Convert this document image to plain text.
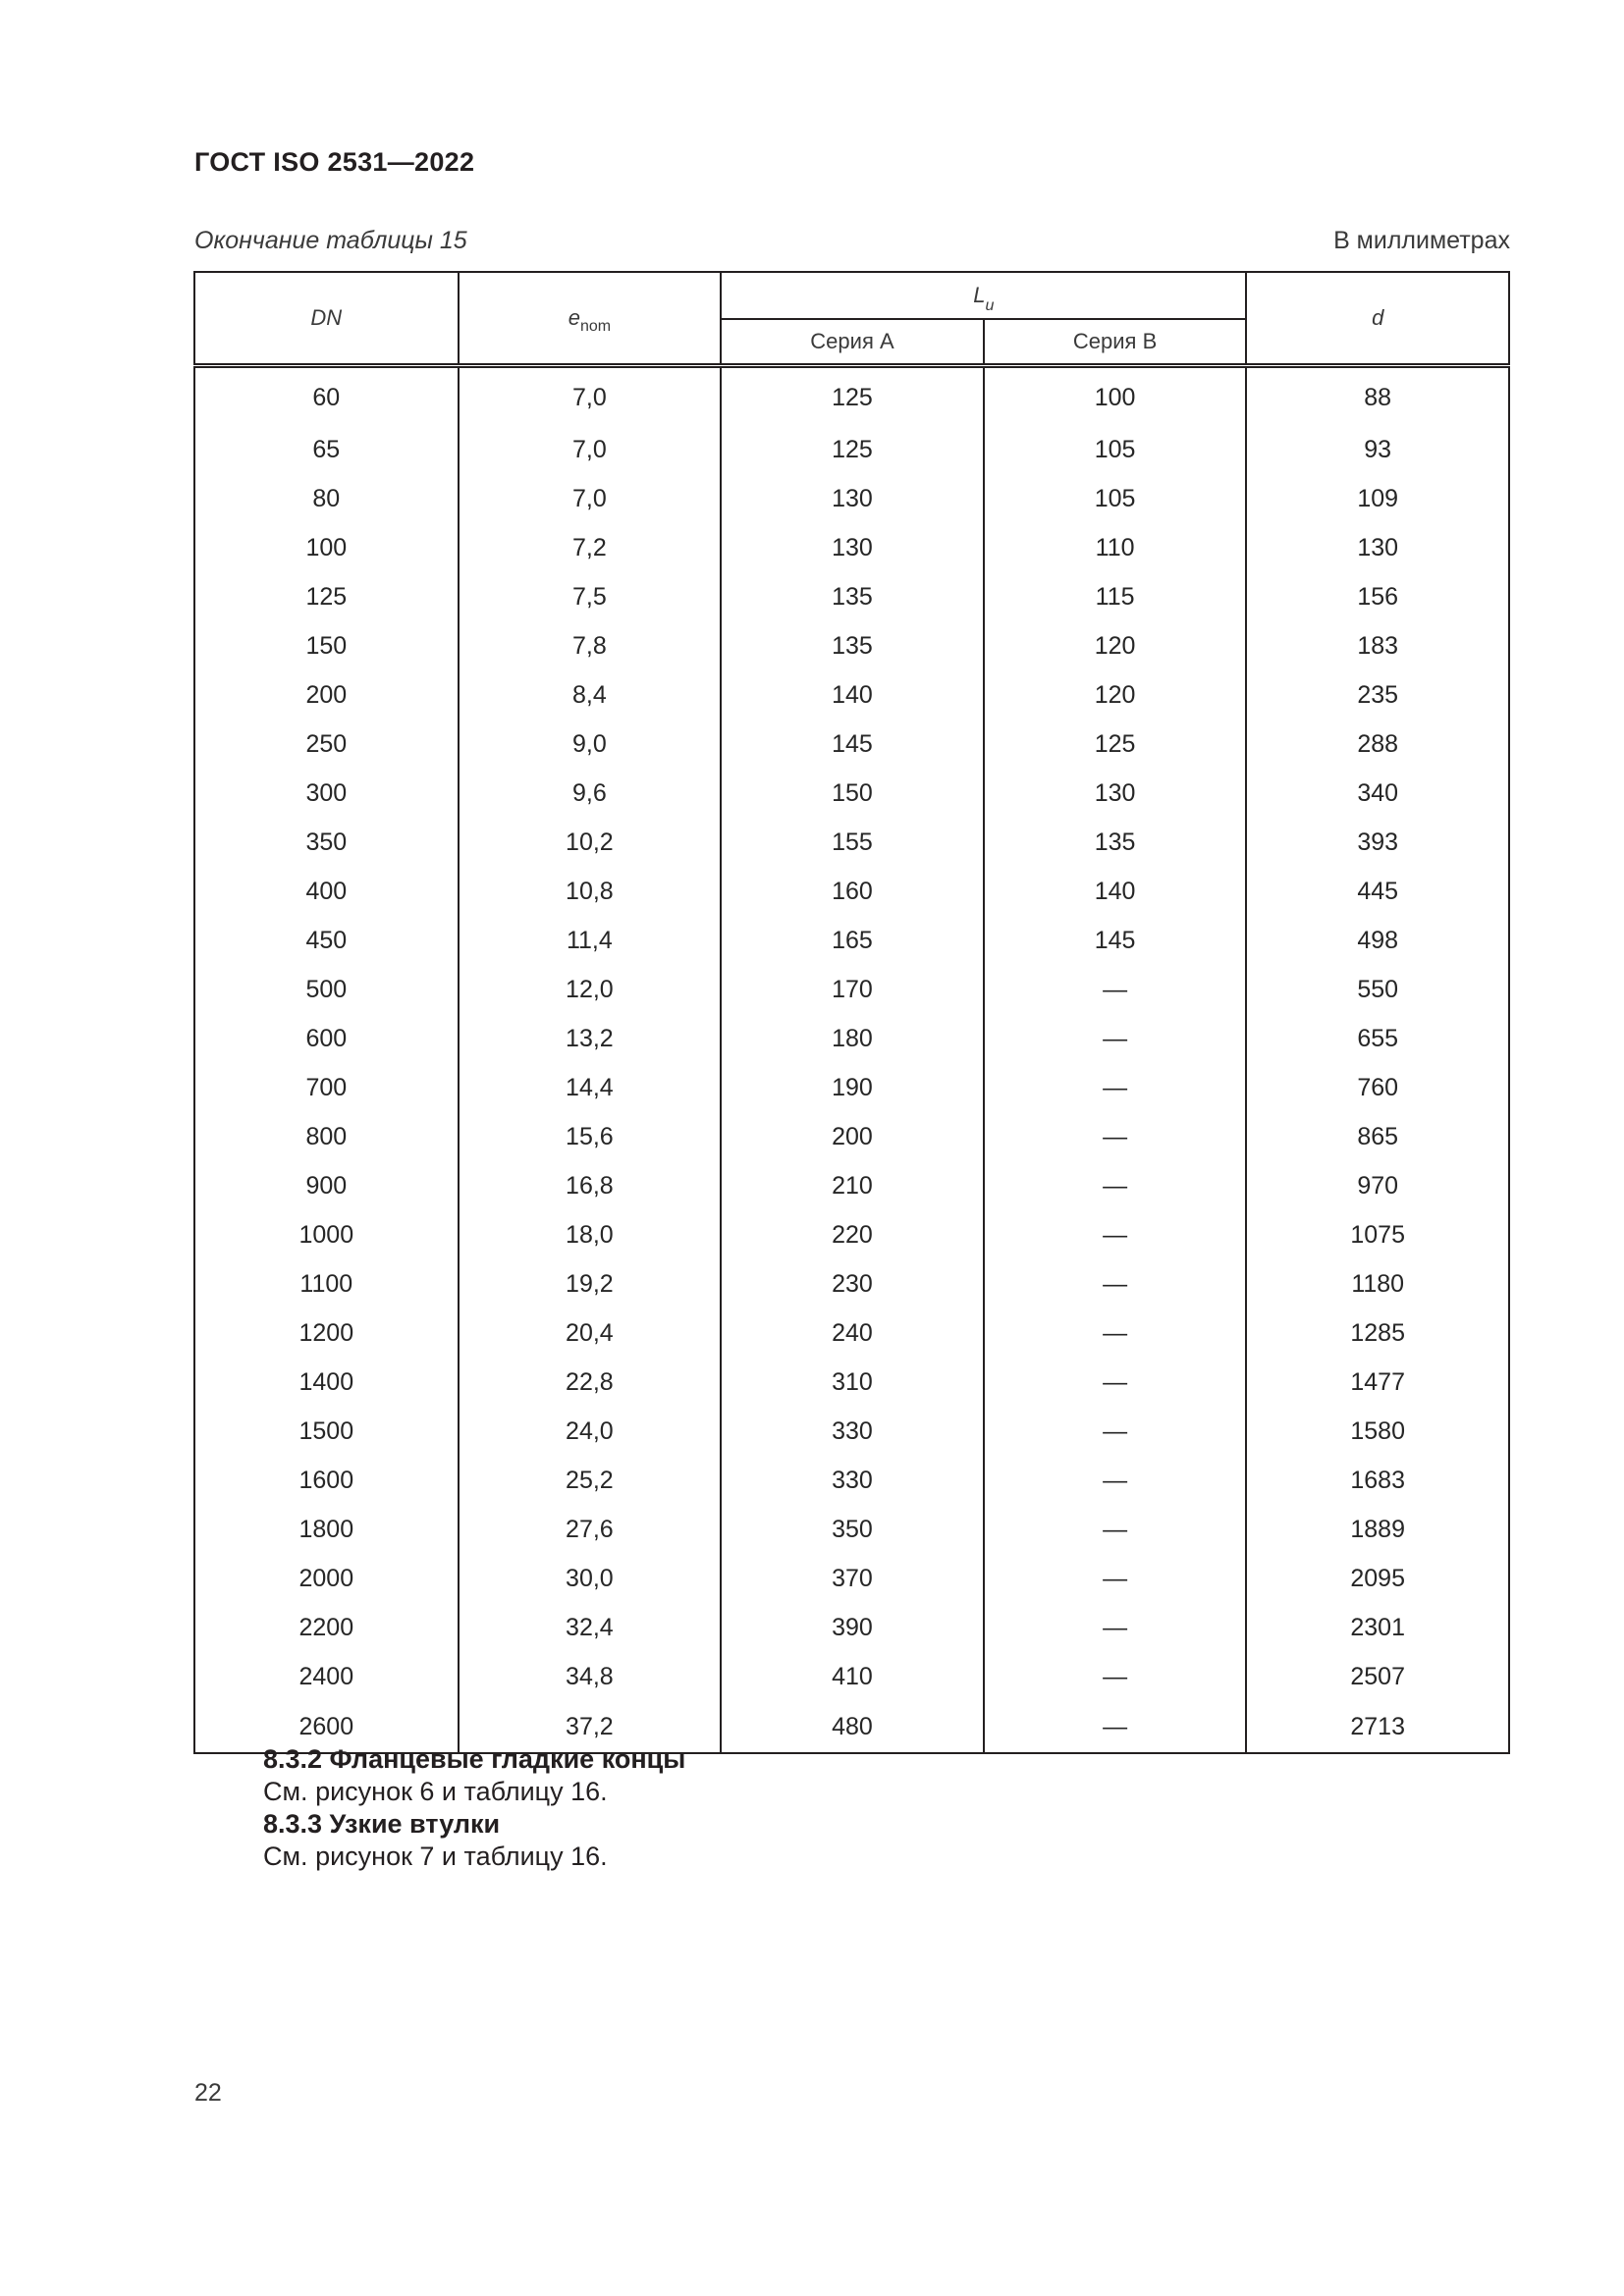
ГОСТ ISO 2531—2022
Окончание таблицы 15	В миллиметрах
DN	$e_{nom}$	$L_u$		d
		Серия А	Серия В	
60	7,0	125	100	88
65	7,0	125	105	93
80	7,0	130	105	109
100	7,2	130	110	130
125	7,5	135	115	156
150	7,8	135	120	183
200	8,4	140	120	235
250	9,0	145	125	288
300	9,6	150	130	340
350	10,2	155	135	393
400	10,8	160	140	445
450	11,4	165	145	498
500	12,0	170	—	550
600	13,2	180	—	655
700	14,4	190	—	760
800	15,6	200	—	865
900	16,8	210	—	970
1000	18,0	220	—	1075
1100	19,2	230	—	1180
1200	20,4	240	—	1285
1400	22,8	310	—	1477
1500	24,0	330	—	1580
1600	25,2	330	—	1683
1800	27,6	350	—	1889
2000	30,0	370	—	2095
2200	32,4	390	—	2301
2400	34,8	410	—	2507
2600	37,2	480	—	2713
8.3.2 Фланцевые гладкие концы
См. рисунок 6 и таблицу 16.
8.3.3 Узкие втулки
См. рисунок 7 и таблицу 16.
22
